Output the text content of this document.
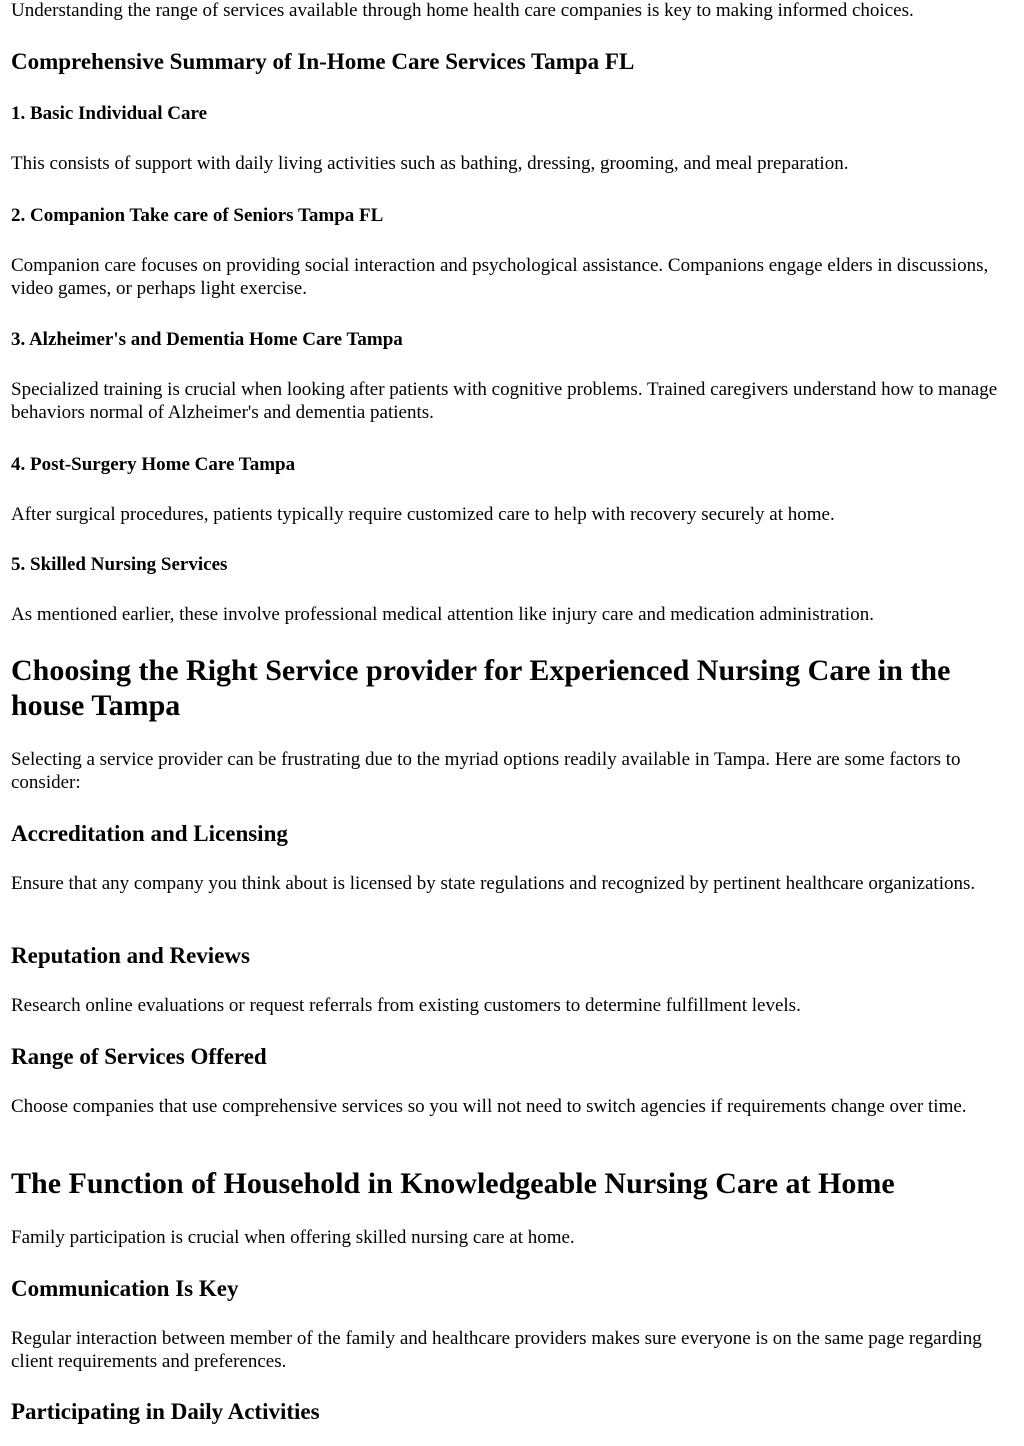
Understanding the range of services available through home health care companies is key to making informed choices.

Comprehensive Summary of In-Home Care Services Tampa FL
1. Basic Individual Care

This consists of support with daily living activities such as bathing, dressing, grooming, and meal preparation.

2. Companion Take care of Seniors Tampa FL

Companion care focuses on providing social interaction and psychological assistance. Companions engage elders in discussions, video games, or perhaps light exercise.

3. Alzheimer's and Dementia Home Care Tampa

Specialized training is crucial when looking after patients with cognitive problems. Trained caregivers understand how to manage behaviors normal of Alzheimer's and dementia patients.

4. Post-Surgery Home Care Tampa

After surgical procedures, patients typically require customized care to help with recovery securely at home.

5. Skilled Nursing Services

As mentioned earlier, these involve professional medical attention like injury care and medication administration.

Choosing the Right Service provider for Experienced Nursing Care in the house Tampa

Selecting a service provider can be frustrating due to the myriad options readily available in Tampa. Here are some factors to consider:

Accreditation and Licensing

Ensure that any company you think about is licensed by state regulations and recognized by pertinent healthcare organizations.

Reputation and Reviews

Research online evaluations or request referrals from existing customers to determine fulfillment levels.

Range of Services Offered

Choose companies that use comprehensive services so you will not need to switch agencies if requirements change over time.

The Function of Household in Knowledgeable Nursing Care at Home

Family participation is crucial when offering skilled nursing care at home.

Communication Is Key

Regular interaction between member of the family and healthcare providers makes sure everyone is on the same page regarding client requirements and preferences.

Participating in Daily Activities
